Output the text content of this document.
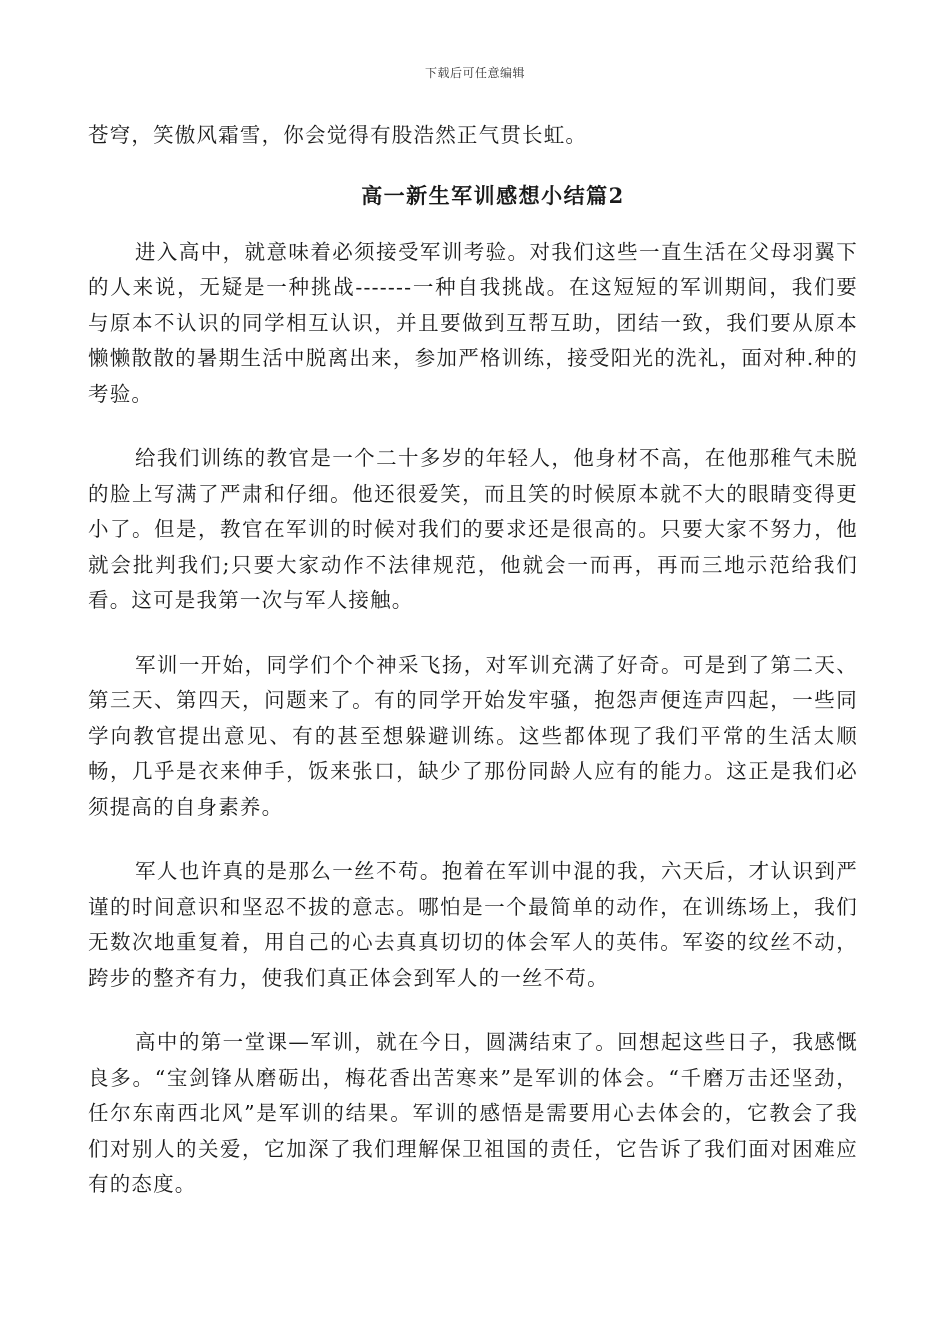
下载后可任意编辑

苍穹，笑傲风霜雪，你会觉得有股浩然正气贯长虹。

高一新生军训感想小结篇2

进入高中，就意味着必须接受军训考验。对我们这些一直生活在父母羽翼下的人来说，无疑是一种挑战-------一种自我挑战。在这短短的军训期间，我们要与原本不认识的同学相互认识，并且要做到互帮互助，团结一致，我们要从原本懒懒散散的暑期生活中脱离出来，参加严格训练，接受阳光的洗礼，面对种.种的考验。

给我们训练的教官是一个二十多岁的年轻人，他身材不高，在他那稚气未脱的脸上写满了严肃和仔细。他还很爱笑，而且笑的时候原本就不大的眼睛变得更小了。但是，教官在军训的时候对我们的要求还是很高的。只要大家不努力，他就会批判我们;只要大家动作不法律规范，他就会一而再，再而三地示范给我们看。这可是我第一次与军人接触。

军训一开始，同学们个个神采飞扬，对军训充满了好奇。可是到了第二天、第三天、第四天，问题来了。有的同学开始发牢骚，抱怨声便连声四起，一些同学向教官提出意见、有的甚至想躲避训练。这些都体现了我们平常的生活太顺畅，几乎是衣来伸手，饭来张口，缺少了那份同龄人应有的能力。这正是我们必须提高的自身素养。

军人也许真的是那么一丝不苟。抱着在军训中混的我，六天后，才认识到严谨的时间意识和坚忍不拔的意志。哪怕是一个最简单的动作，在训练场上，我们无数次地重复着，用自己的心去真真切切的体会军人的英伟。军姿的纹丝不动，跨步的整齐有力，使我们真正体会到军人的一丝不苟。

高中的第一堂课—军训，就在今日，圆满结束了。回想起这些日子，我感慨良多。“宝剑锋从磨砺出，梅花香出苦寒来”是军训的体会。“千磨万击还坚劲，任尔东南西北风”是军训的结果。军训的感悟是需要用心去体会的，它教会了我们对别人的关爱，它加深了我们理解保卫祖国的责任，它告诉了我们面对困难应有的态度。
